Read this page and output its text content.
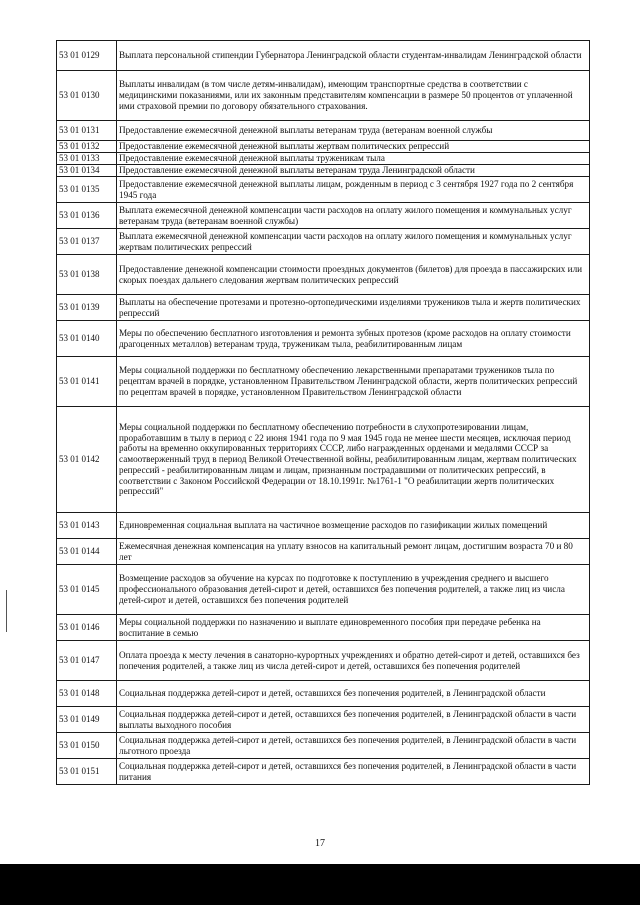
53 01 0129	Выплата персональной стипендии Губернатора Ленинградской области студентам-инвалидам Ленинградской области
53 01 0130	Выплаты инвалидам (в том числе детям-инвалидам), имеющим транспортные средства в соответствии с медицинскими показаниями, или их законным представителям компенсации в размере 50 процентов от уплаченной ими страховой премии по договору обязательного страхования.
53 01 0131	Предоставление ежемесячной денежной выплаты ветеранам труда (ветеранам военной службы
53 01 0132	Предоставление ежемесячной денежной выплаты жертвам политических репрессий
53 01 0133	Предоставление ежемесячной денежной выплаты труженикам тыла
53 01 0134	Предоставление ежемесячной денежной выплаты ветеранам труда Ленинградской области
53 01 0135	Предоставление ежемесячной денежной выплаты лицам, рожденным в период с 3 сентября 1927 года по 2 сентября 1945 года
53 01 0136	Выплата ежемесячной денежной компенсации части расходов на оплату жилого помещения и коммунальных услуг ветеранам труда (ветеранам военной службы)
53 01 0137	Выплата ежемесячной денежной компенсации части расходов на оплату жилого помещения и коммунальных услуг жертвам политических репрессий
53 01 0138	Предоставление денежной компенсации стоимости проездных документов (билетов) для проезда в пассажирских или скорых поездах дальнего следования жертвам политических репрессий
53 01 0139	Выплаты на обеспечение протезами и протезно-ортопедическими изделиями тружеников тыла и жертв политических репрессий
53 01 0140	Меры по обеспечению бесплатного изготовления и ремонта зубных протезов (кроме расходов на оплату стоимости драгоценных металлов) ветеранам труда, труженикам тыла, реабилитированным лицам
53 01 0141	Меры социальной поддержки по бесплатному обеспечению лекарственными препаратами тружеников тыла по рецептам врачей в порядке, установленном Правительством Ленинградской области, жертв политических репрессий по рецептам врачей в порядке, установленном Правительством Ленинградской области
53 01 0142	Меры социальной поддержки по бесплатному обеспечению потребности в слухопротезировании лицам, проработавшим в тылу в период с 22 июня 1941 года по 9 мая 1945 года не менее шести месяцев, исключая период работы на временно оккупированных территориях СССР, либо награжденных орденами и медалями СССР за самоотверженный труд в период Великой Отечественной войны, реабилитированным лицам, жертвам политических репрессий - реабилитированным лицам и лицам, признанным пострадавшими от политических репрессий, в соответствии с Законом Российской Федерации от 18.10.1991г. №1761-1 "О реабилитации жертв политических репрессий"
53 01 0143	Единовременная социальная выплата на частичное возмещение расходов по газификации жилых помещений
53 01 0144	Ежемесячная денежная компенсация на уплату взносов на капитальный ремонт лицам, достигшим возраста 70 и 80 лет
53 01 0145	Возмещение расходов за обучение на курсах по подготовке к поступлению в учреждения среднего и высшего профессионального образования детей-сирот и детей, оставшихся без попечения родителей, а также лиц из числа детей-сирот и детей, оставшихся без попечения родителей
53 01 0146	Меры социальной поддержки по назначению и выплате единовременного пособия при передаче ребенка на воспитание в семью
53 01 0147	Оплата проезда к месту лечения в санаторно-курортных учреждениях и обратно детей-сирот и детей, оставшихся без попечения родителей, а также лиц из числа детей-сирот и детей, оставшихся без попечения родителей
53 01 0148	Социальная поддержка детей-сирот и детей, оставшихся без попечения родителей, в Ленинградской области
53 01 0149	Социальная поддержка детей-сирот и детей, оставшихся без попечения родителей, в Ленинградской области в части выплаты выходного пособия
53 01 0150	Социальная поддержка детей-сирот и детей, оставшихся без попечения родителей, в Ленинградской области в части льготного проезда
53 01 0151	Социальная поддержка детей-сирот и детей, оставшихся без попечения родителей, в Ленинградской области в части питания
17
